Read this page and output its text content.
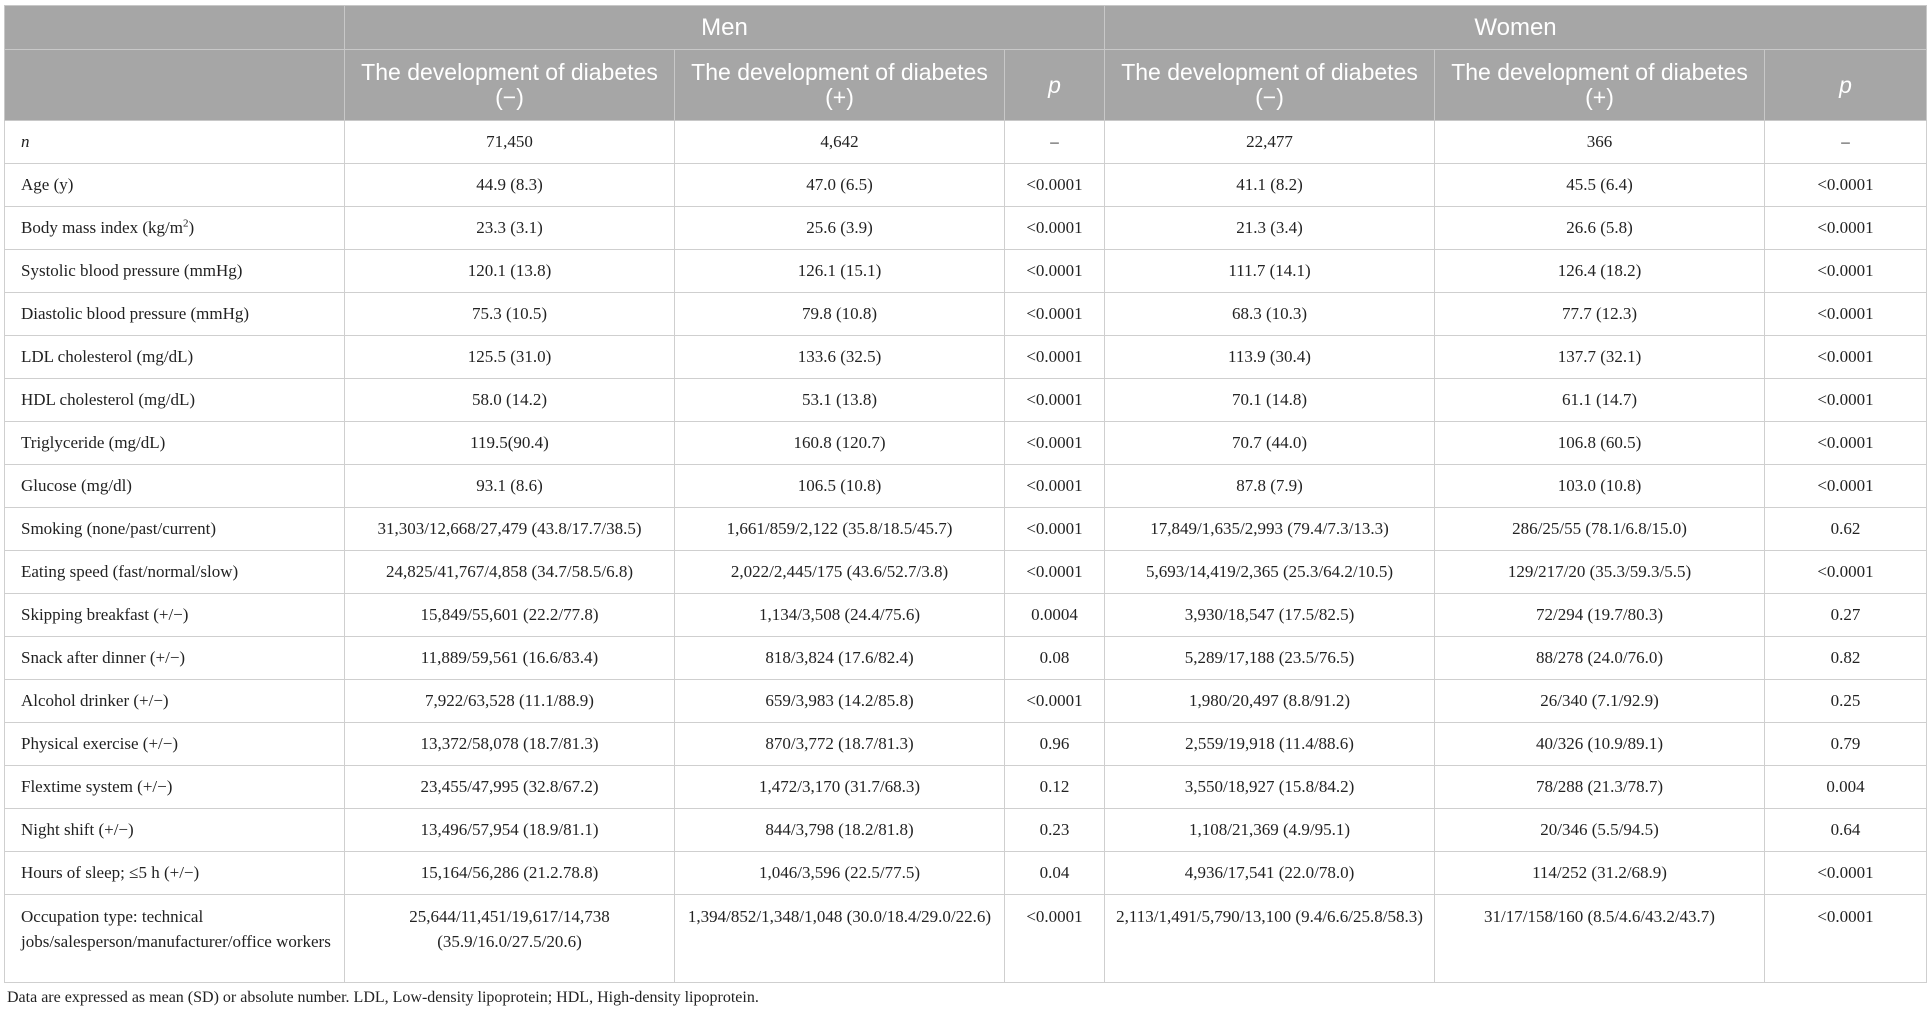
	Men			Women		
	The development of diabetes (−)	The development of diabetes (+)	p	The development of diabetes (−)	The development of diabetes (+)	p
n	71,450	4,642	–	22,477	366	–
Age (y)	44.9 (8.3)	47.0 (6.5)	<0.0001	41.1 (8.2)	45.5 (6.4)	<0.0001
Body mass index $(kg/m^2)$	23.3 (3.1)	25.6 (3.9)	<0.0001	21.3 (3.4)	26.6 (5.8)	<0.0001
Systolic blood pressure (mmHg)	120.1 (13.8)	126.1 (15.1)	<0.0001	111.7 (14.1)	126.4 (18.2)	<0.0001
Diastolic blood pressure (mmHg)	75.3 (10.5)	79.8 (10.8)	<0.0001	68.3 (10.3)	77.7 (12.3)	<0.0001
LDL cholesterol (mg/dL)	125.5 (31.0)	133.6 (32.5)	<0.0001	113.9 (30.4)	137.7 (32.1)	<0.0001
HDL cholesterol (mg/dL)	58.0 (14.2)	53.1 (13.8)	<0.0001	70.1 (14.8)	61.1 (14.7)	<0.0001
Triglyceride (mg/dL)	119.5(90.4)	160.8 (120.7)	<0.0001	70.7 (44.0)	106.8 (60.5)	<0.0001
Glucose (mg/dl)	93.1 (8.6)	106.5 (10.8)	<0.0001	87.8 (7.9)	103.0 (10.8)	<0.0001
Smoking (none/past/current)	31,303/12,668/27,479 (43.8/17.7/38.5)	1,661/859/2,122 (35.8/18.5/45.7)	<0.0001	17,849/1,635/2,993 (79.4/7.3/13.3)	286/25/55 (78.1/6.8/15.0)	0.62
Eating speed (fast/normal/slow)	24,825/41,767/4,858 (34.7/58.5/6.8)	2,022/2,445/175 (43.6/52.7/3.8)	<0.0001	5,693/14,419/2,365 (25.3/64.2/10.5)	129/217/20 (35.3/59.3/5.5)	<0.0001
Skipping breakfast (+/−)	15,849/55,601 (22.2/77.8)	1,134/3,508 (24.4/75.6)	0.0004	3,930/18,547 (17.5/82.5)	72/294 (19.7/80.3)	0.27
Snack after dinner (+/−)	11,889/59,561 (16.6/83.4)	818/3,824 (17.6/82.4)	0.08	5,289/17,188 (23.5/76.5)	88/278 (24.0/76.0)	0.82
Alcohol drinker (+/−)	7,922/63,528 (11.1/88.9)	659/3,983 (14.2/85.8)	<0.0001	1,980/20,497 (8.8/91.2)	26/340 (7.1/92.9)	0.25
Physical exercise (+/−)	13,372/58,078 (18.7/81.3)	870/3,772 (18.7/81.3)	0.96	2,559/19,918 (11.4/88.6)	40/326 (10.9/89.1)	0.79
Flextime system (+/−)	23,455/47,995 (32.8/67.2)	1,472/3,170 (31.7/68.3)	0.12	3,550/18,927 (15.8/84.2)	78/288 (21.3/78.7)	0.004
Night shift (+/−)	13,496/57,954 (18.9/81.1)	844/3,798 (18.2/81.8)	0.23	1,108/21,369 (4.9/95.1)	20/346 (5.5/94.5)	0.64
Hours of sleep; ≤5 h (+/−)	15,164/56,286 (21.2.78.8)	1,046/3,596 (22.5/77.5)	0.04	4,936/17,541 (22.0/78.0)	114/252 (31.2/68.9)	<0.0001
Occupation type: technical jobs/salesperson/manufacturer/office workers	25,644/11,451/19,617/14,738 (35.9/16.0/27.5/20.6)	1,394/852/1,348/1,048 (30.0/18.4/29.0/22.6)	<0.0001	2,113/1,491/5,790/13,100 (9.4/6.6/25.8/58.3)	31/17/158/160 (8.5/4.6/43.2/43.7)	<0.0001
Data are expressed as mean (SD) or absolute number. LDL, Low-density lipoprotein; HDL, High-density lipoprotein.
